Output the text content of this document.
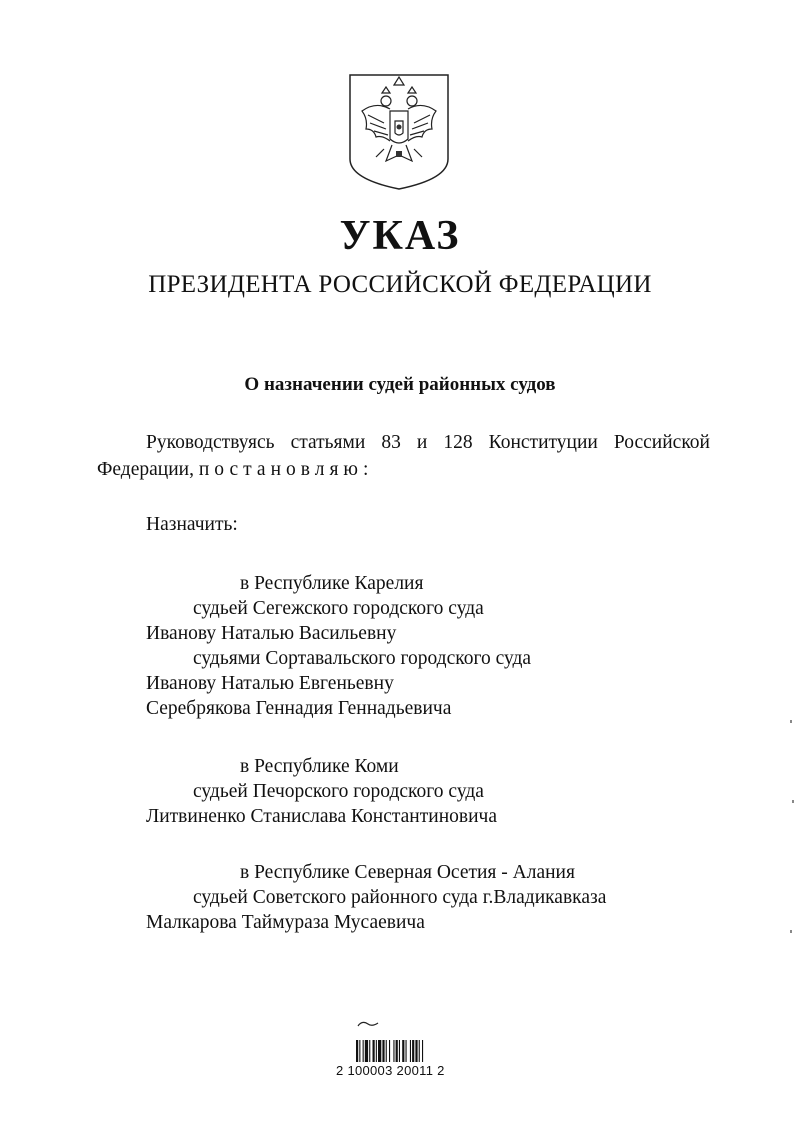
УКАЗ
ПРЕЗИДЕНТА РОССИЙСКОЙ ФЕДЕРАЦИИ
О назначении судей районных судов
Руководствуясь статьями 83 и 128 Конституции Российской
Федерации, постановляю:
Назначить:
в Республике Карелия
судьей Сегежского городского суда
Иванову Наталью Васильевну
судьями Сортавальского городского суда
Иванову Наталью Евгеньевну
Серебрякова Геннадия Геннадьевича
в Республике Коми
судьей Печорского городского суда
Литвиненко Станислава Константиновича
в Республике Северная Осетия - Алания
судьей Советского районного суда г.Владикавказа
Малкарова Таймураза Мусаевича
2 100003 20011 2
